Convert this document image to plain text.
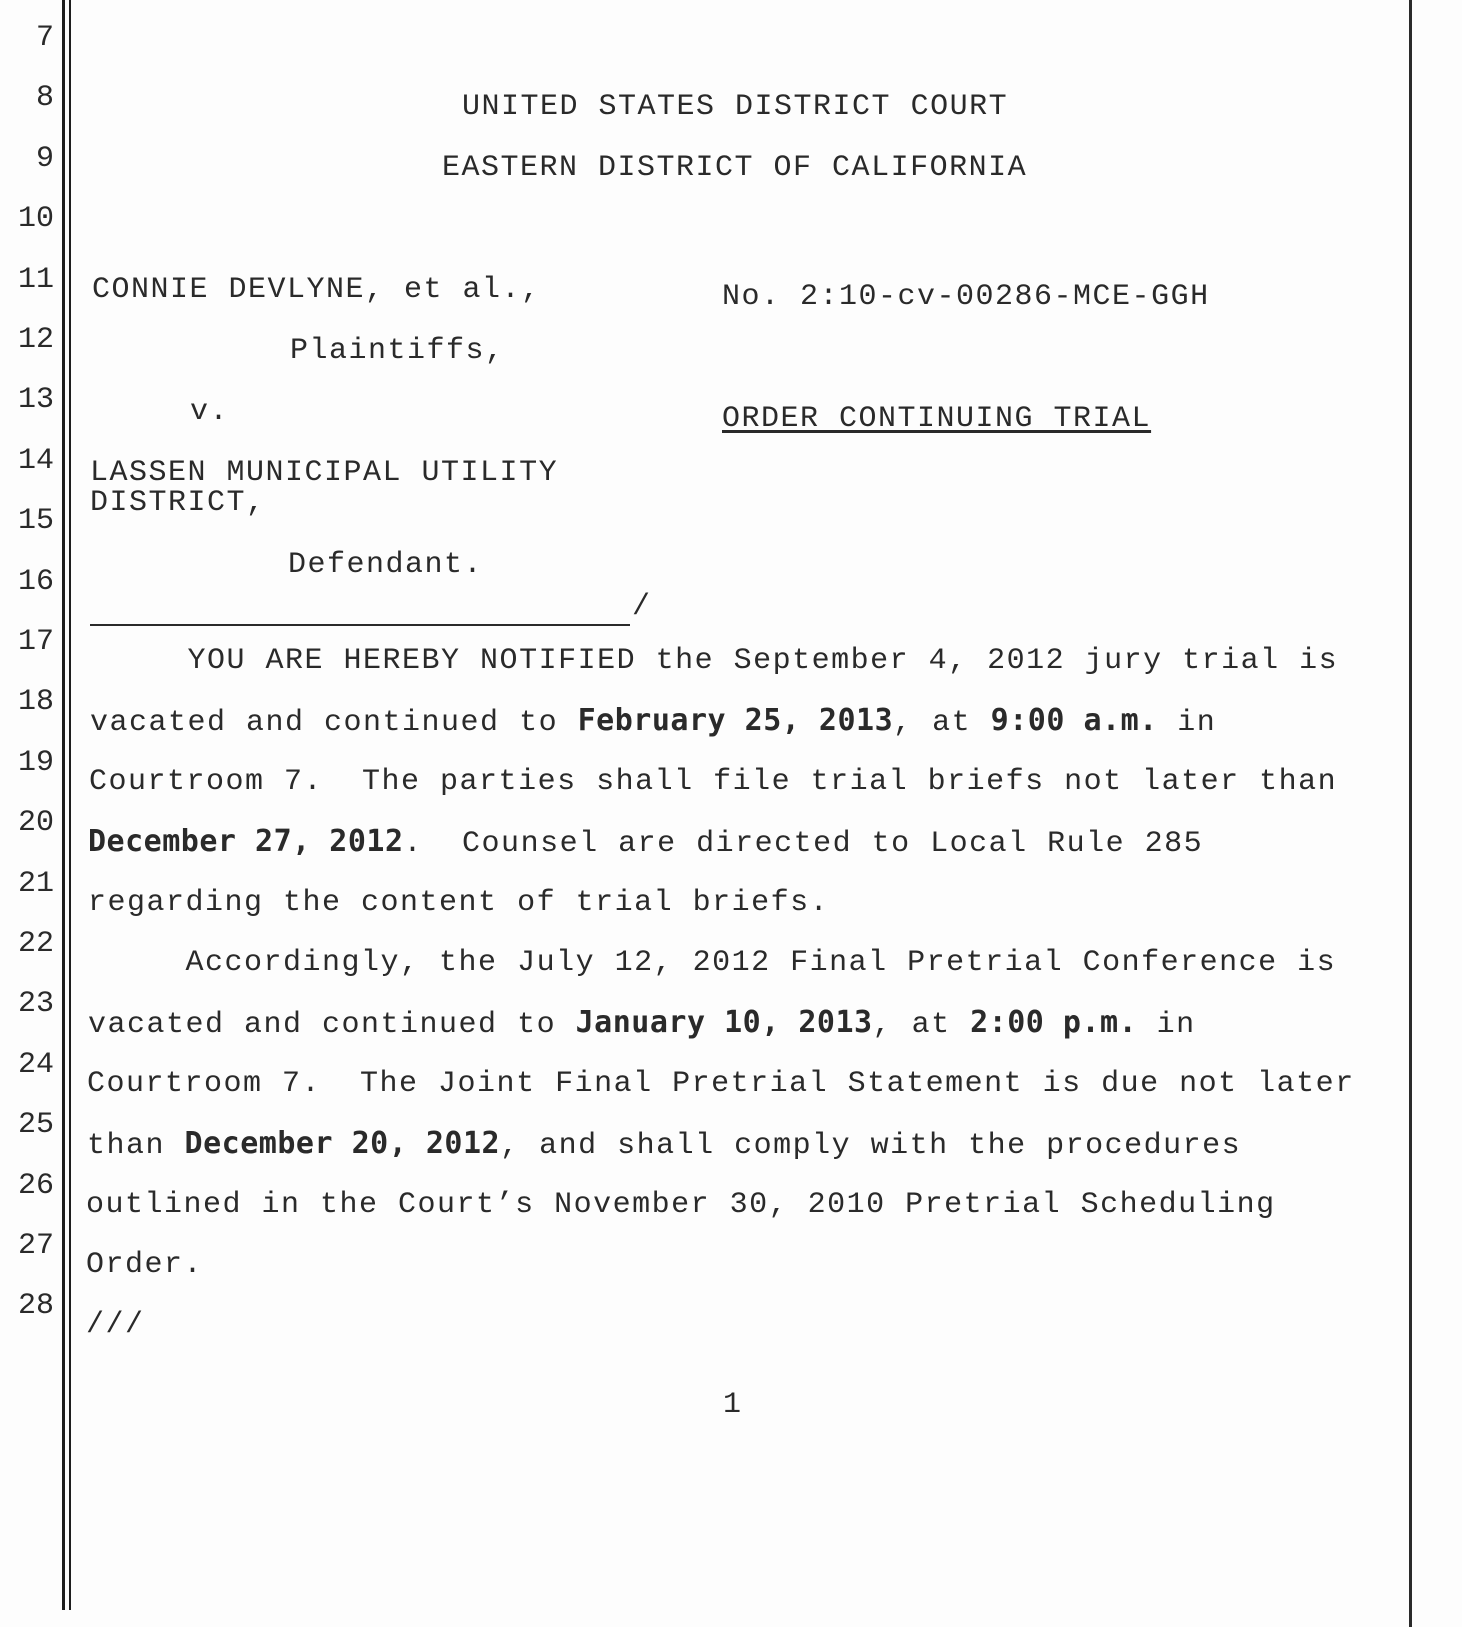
7
8
9
10
11
12
13
14
15
16
17
18
19
20
21
22
23
24
25
26
27
28
UNITED STATES DISTRICT COURT
EASTERN DISTRICT OF CALIFORNIA
CONNIE DEVLYNE, et al.,
Plaintiffs,
v.
LASSEN MUNICIPAL UTILITY
DISTRICT,
Defendant.
/
No. 2:10-cv-00286-MCE-GGH
ORDER CONTINUING TRIAL
YOU ARE HEREBY NOTIFIED the September 4, 2012 jury trial is
vacated and continued to February 25, 2013, at 9:00 a.m. in
Courtroom 7.  The parties shall file trial briefs not later than
December 27, 2012.  Counsel are directed to Local Rule 285
regarding the content of trial briefs.
Accordingly, the July 12, 2012 Final Pretrial Conference is
vacated and continued to January 10, 2013, at 2:00 p.m. in
Courtroom 7.  The Joint Final Pretrial Statement is due not later
than December 20, 2012, and shall comply with the procedures
outlined in the Court’s November 30, 2010 Pretrial Scheduling
Order.
///
1
